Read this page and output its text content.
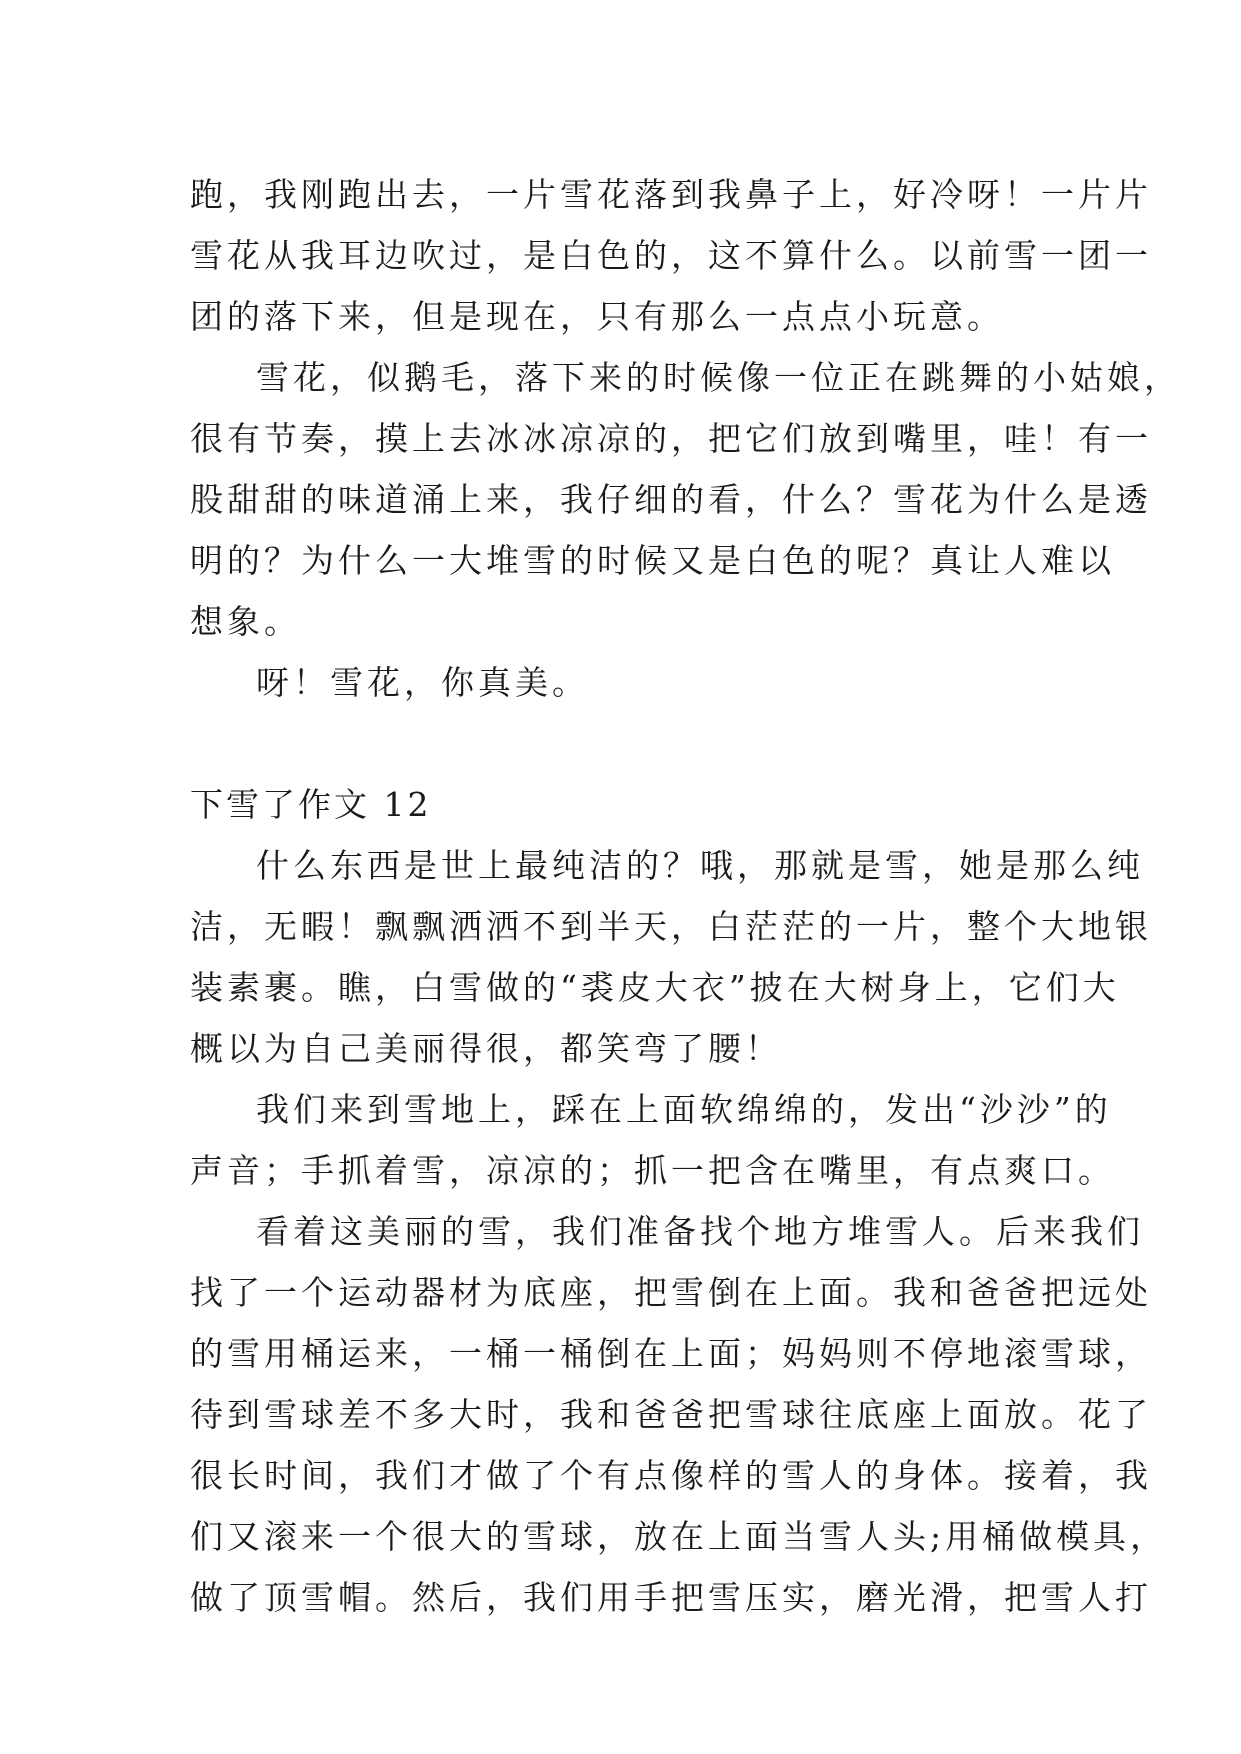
跑，我刚跑出去，一片雪花落到我鼻子上，好冷呀！一片片
雪花从我耳边吹过，是白色的，这不算什么。以前雪一团一
团的落下来，但是现在，只有那么一点点小玩意。
雪花，似鹅毛，落下来的时候像一位正在跳舞的小姑娘，
很有节奏，摸上去冰冰凉凉的，把它们放到嘴里，哇！有一
股甜甜的味道涌上来，我仔细的看，什么？雪花为什么是透
明的？为什么一大堆雪的时候又是白色的呢？真让人难以
想象。
呀！雪花，你真美。
下雪了作文 12
什么东西是世上最纯洁的？哦，那就是雪，她是那么纯
洁，无暇！飘飘洒洒不到半天，白茫茫的一片，整个大地银
装素裹。瞧，白雪做的“裘皮大衣”披在大树身上，它们大
概以为自己美丽得很，都笑弯了腰！
我们来到雪地上，踩在上面软绵绵的，发出“沙沙”的
声音；手抓着雪，凉凉的；抓一把含在嘴里，有点爽口。
看着这美丽的雪，我们准备找个地方堆雪人。后来我们
找了一个运动器材为底座，把雪倒在上面。我和爸爸把远处
的雪用桶运来，一桶一桶倒在上面；妈妈则不停地滚雪球，
待到雪球差不多大时，我和爸爸把雪球往底座上面放。花了
很长时间，我们才做了个有点像样的雪人的身体。接着，我
们又滚来一个很大的雪球，放在上面当雪人头;用桶做模具，
做了顶雪帽。然后，我们用手把雪压实，磨光滑，把雪人打
